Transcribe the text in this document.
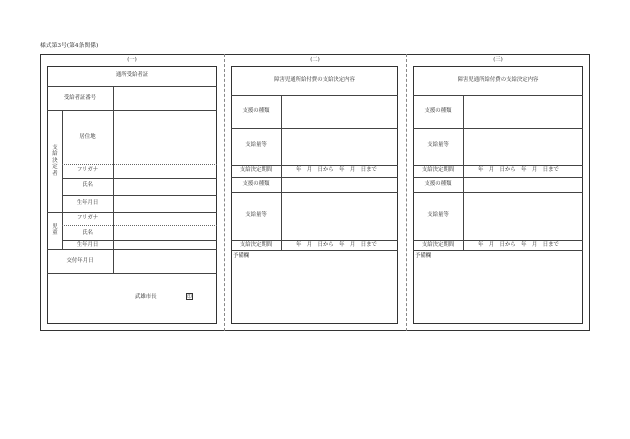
様式第3号(第4条関係)
(一)	(二)	(三)
通所受給者証
受給者証番号
支給決定者
居住地
フリガナ
氏名
生年月日
児童
フリガナ
氏名
生年月日
交付年月日
武雄市長	印
障害児通所給付費の支給決定内容
支援の種類
支給量等
支給決定期間	年　月　日から　年　月　日まで
支援の種類
支給量等
支給決定期間	年　月　日から　年　月　日まで
予備欄
障害児通所給付費の支給決定内容
支援の種類
支給量等
支給決定期間	年　月　日から　年　月　日まで
支援の種類
支給量等
支給決定期間	年　月　日から　年　月　日まで
予備欄
